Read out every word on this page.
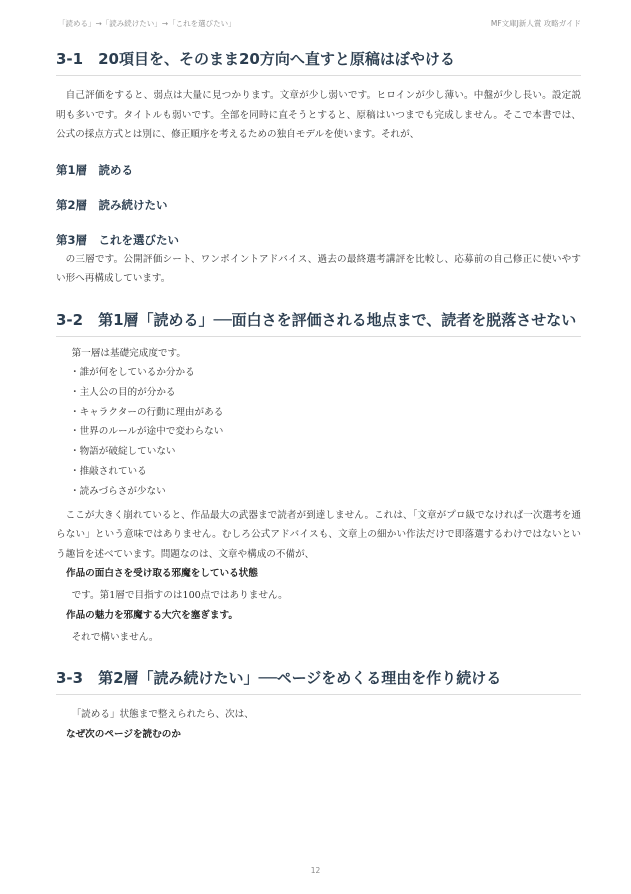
「読める」→「読み続けたい」→「これを選びたい」	MF文庫J新人賞 攻略ガイド
3-1　20項目を、そのまま20方向へ直すと原稿はぼやける

自己評価をすると、弱点は大量に見つかります。文章が少し弱いです。ヒロインが少し薄い。中盤が少し長い。設定説明も多いです。タイトルも弱いです。全部を同時に直そうとすると、原稿はいつまでも完成しません。そこで本書では、公式の採点方式とは別に、修正順序を考えるための独自モデルを使います。それが、

第1層　読める
第2層　読み続けたい
第3層　これを選びたい

の三層です。公開評価シート、ワンポイントアドバイス、過去の最終選考講評を比較し、応募前の自己修正に使いやすい形へ再構成しています。

3-2　第1層「読める」──面白さを評価される地点まで、読者を脱落させない

第一層は基礎完成度です。

・誰が何をしているか分かる
・主人公の目的が分かる
・キャラクターの行動に理由がある
・世界のルールが途中で変わらない
・物語が破綻していない
・推敲されている
・読みづらさが少ない

ここが大きく崩れていると、作品最大の武器まで読者が到達しません。これは、「文章がプロ級でなければ一次選考を通らない」という意味ではありません。むしろ公式アドバイスも、文章上の細かい作法だけで即落選するわけではないという趣旨を述べています。問題なのは、文章や構成の不備が、

作品の面白さを受け取る邪魔をしている状態

です。第1層で目指すのは100点ではありません。

作品の魅力を邪魔する大穴を塞ぎます。

それで構いません。

3-3　第2層「読み続けたい」──ページをめくる理由を作り続ける

「読める」状態まで整えられたら、次は、

なぜ次のページを読むのか
12
